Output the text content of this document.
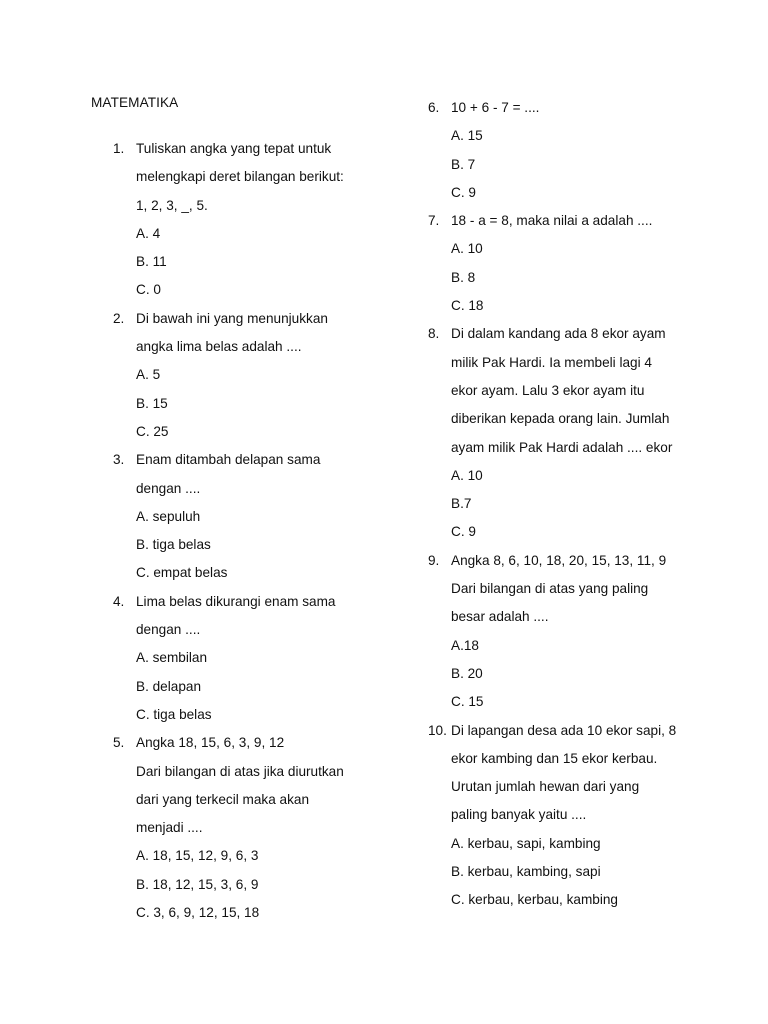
MATEMATIKA
1. Tuliskan angka yang tepat untuk
melengkapi deret bilangan berikut:
1, 2, 3, _, 5.
A. 4
B. 11
C. 0
2. Di bawah ini yang menunjukkan
angka lima belas adalah ....
A. 5
B. 15
C. 25
3. Enam ditambah delapan sama
dengan ....
A. sepuluh
B. tiga belas
C. empat belas
4. Lima belas dikurangi enam sama
dengan ....
A. sembilan
B. delapan
C. tiga belas
5. Angka 18, 15, 6, 3, 9, 12
Dari bilangan di atas jika diurutkan
dari yang terkecil maka akan
menjadi ....
A. 18, 15, 12, 9, 6, 3
B. 18, 12, 15, 3, 6, 9
C. 3, 6, 9, 12, 15, 18
6. 10 + 6 - 7 = ....
A. 15
B. 7
C. 9
7. 18 - a = 8, maka nilai a adalah ....
A. 10
B. 8
C. 18
8. Di dalam kandang ada 8 ekor ayam
milik Pak Hardi. Ia membeli lagi 4
ekor ayam. Lalu 3 ekor ayam itu
diberikan kepada orang lain. Jumlah
ayam milik Pak Hardi adalah .... ekor
A. 10
B.7
C. 9
9. Angka 8, 6, 10, 18, 20, 15, 13, 11, 9
Dari bilangan di atas yang paling
besar adalah ....
A.18
B. 20
C. 15
10. Di lapangan desa ada 10 ekor sapi, 8
ekor kambing dan 15 ekor kerbau.
Urutan jumlah hewan dari yang
paling banyak yaitu ....
A. kerbau, sapi, kambing
B. kerbau, kambing, sapi
C. kerbau, kerbau, kambing
